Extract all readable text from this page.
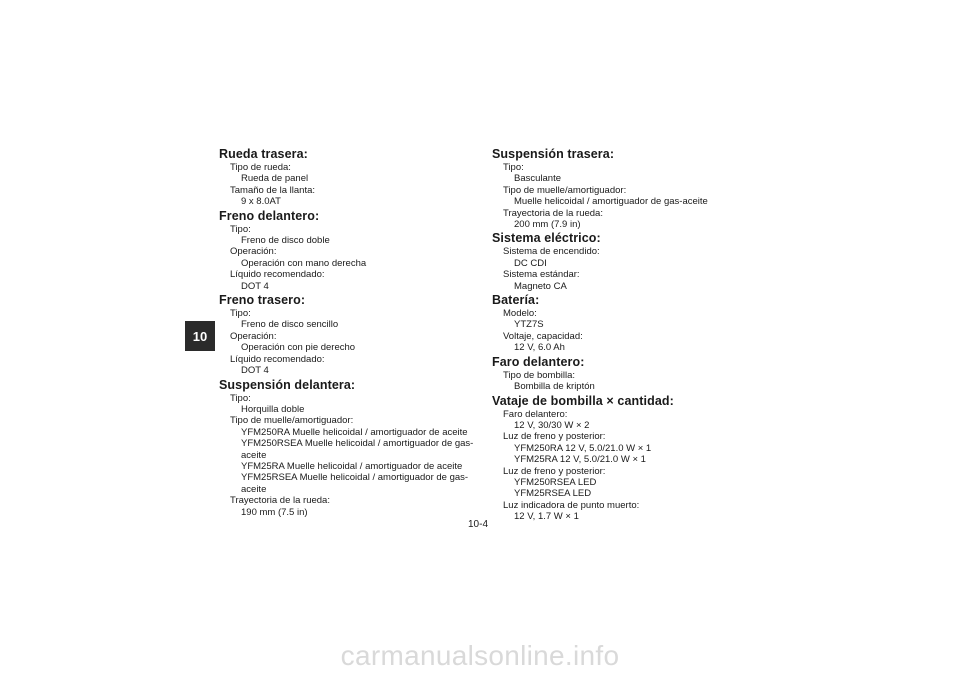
10
Rueda trasera:
Tipo de rueda:
Rueda de panel
Tamaño de la llanta:
9 x 8.0AT
Freno delantero:
Tipo:
Freno de disco doble
Operación:
Operación con mano derecha
Líquido recomendado:
DOT 4
Freno trasero:
Tipo:
Freno de disco sencillo
Operación:
Operación con pie derecho
Líquido recomendado:
DOT 4
Suspensión delantera:
Tipo:
Horquilla doble
Tipo de muelle/amortiguador:
YFM250RA Muelle helicoidal / amortiguador de aceite
YFM250RSEA Muelle helicoidal / amortiguador de gas-
aceite
YFM25RA Muelle helicoidal / amortiguador de aceite
YFM25RSEA Muelle helicoidal / amortiguador de gas-
aceite
Trayectoria de la rueda:
190 mm (7.5 in)
Suspensión trasera:
Tipo:
Basculante
Tipo de muelle/amortiguador:
Muelle helicoidal / amortiguador de gas-aceite
Trayectoria de la rueda:
200 mm (7.9 in)
Sistema eléctrico:
Sistema de encendido:
DC CDI
Sistema estándar:
Magneto CA
Batería:
Modelo:
YTZ7S
Voltaje, capacidad:
12 V, 6.0 Ah
Faro delantero:
Tipo de bombilla:
Bombilla de kriptón
Vataje de bombilla × cantidad:
Faro delantero:
12 V, 30/30 W × 2
Luz de freno y posterior:
YFM250RA 12 V, 5.0/21.0 W × 1
YFM25RA 12 V, 5.0/21.0 W × 1
Luz de freno y posterior:
YFM250RSEA LED
YFM25RSEA LED
Luz indicadora de punto muerto:
12 V, 1.7 W × 1
10-4
carmanualsonline.info
